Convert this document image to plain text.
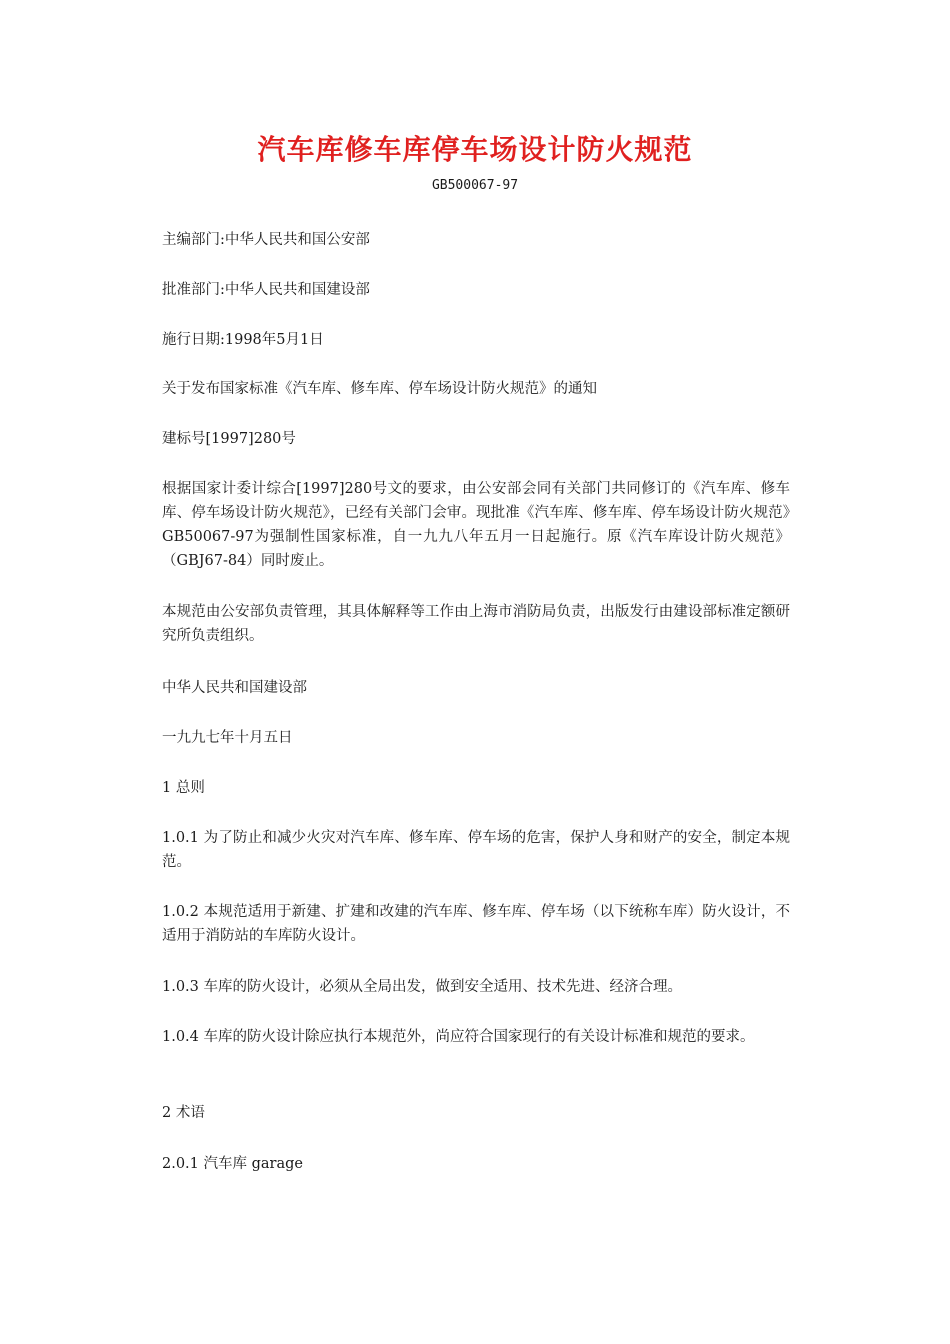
汽车库修车库停车场设计防火规范
GB500067-97

主编部门:中华人民共和国公安部

批准部门:中华人民共和国建设部

施行日期:1998年5月1日

关于发布国家标准《汽车库、修车库、停车场设计防火规范》的通知

建标号[1997]280号

根据国家计委计综合[1997]280号文的要求，由公安部会同有关部门共同修订的《汽车库、修车库、停车场设计防火规范》，已经有关部门会审。现批准《汽车库、修车库、停车场设计防火规范》GB50067-97为强制性国家标准，自一九九八年五月一日起施行。原《汽车库设计防火规范》（GBJ67-84）同时废止。

本规范由公安部负责管理，其具体解释等工作由上海市消防局负责，出版发行由建设部标准定额研究所负责组织。

中华人民共和国建设部

一九九七年十月五日

1 总则

1.0.1 为了防止和减少火灾对汽车库、修车库、停车场的危害，保护人身和财产的安全，制定本规范。

1.0.2 本规范适用于新建、扩建和改建的汽车库、修车库、停车场（以下统称车库）防火设计，不适用于消防站的车库防火设计。

1.0.3 车库的防火设计，必须从全局出发，做到安全适用、技术先进、经济合理。

1.0.4 车库的防火设计除应执行本规范外，尚应符合国家现行的有关设计标准和规范的要求。

2 术语

2.0.1 汽车库 garage
